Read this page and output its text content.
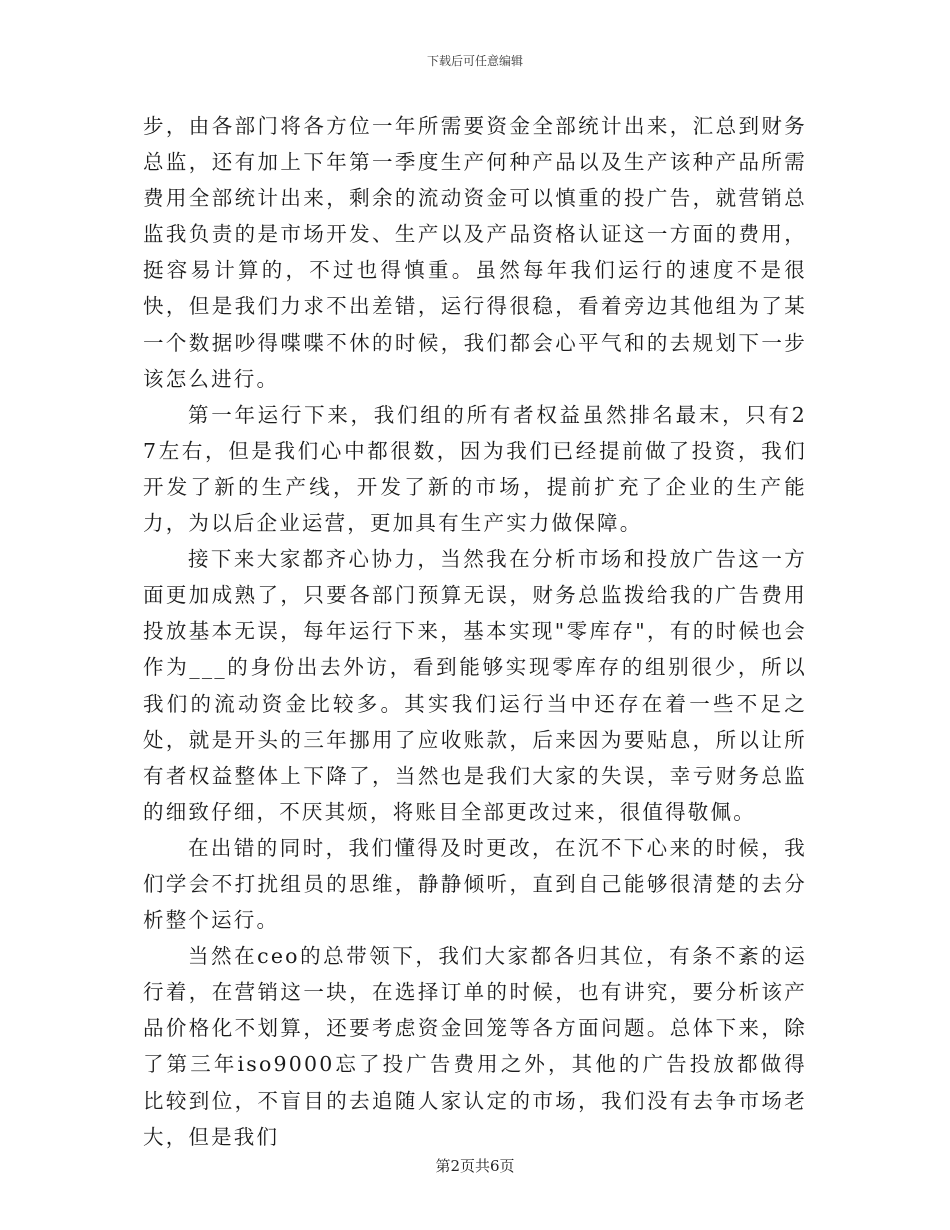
下载后可任意编辑

步，由各部门将各方位一年所需要资金全部统计出来，汇总到财务总监，还有加上下年第一季度生产何种产品以及生产该种产品所需费用全部统计出来，剩余的流动资金可以慎重的投广告，就营销总监我负责的是市场开发、生产以及产品资格认证这一方面的费用，挺容易计算的，不过也得慎重。虽然每年我们运行的速度不是很快，但是我们力求不出差错，运行得很稳，看着旁边其他组为了某一个数据吵得喋喋不休的时候，我们都会心平气和的去规划下一步该怎么进行。

第一年运行下来，我们组的所有者权益虽然排名最末，只有27左右，但是我们心中都很数，因为我们已经提前做了投资，我们开发了新的生产线，开发了新的市场，提前扩充了企业的生产能力，为以后企业运营，更加具有生产实力做保障。

接下来大家都齐心协力，当然我在分析市场和投放广告这一方面更加成熟了，只要各部门预算无误，财务总监拨给我的广告费用投放基本无误，每年运行下来，基本实现"零库存"，有的时候也会作为___的身份出去外访，看到能够实现零库存的组别很少，所以我们的流动资金比较多。其实我们运行当中还存在着一些不足之处，就是开头的三年挪用了应收账款，后来因为要贴息，所以让所有者权益整体上下降了，当然也是我们大家的失误，幸亏财务总监的细致仔细，不厌其烦，将账目全部更改过来，很值得敬佩。

在出错的同时，我们懂得及时更改，在沉不下心来的时候，我们学会不打扰组员的思维，静静倾听，直到自己能够很清楚的去分析整个运行。

当然在ceo的总带领下，我们大家都各归其位，有条不紊的运行着，在营销这一块，在选择订单的时候，也有讲究，要分析该产品价格化不划算，还要考虑资金回笼等各方面问题。总体下来，除了第三年iso9000忘了投广告费用之外，其他的广告投放都做得比较到位，不盲目的去追随人家认定的市场，我们没有去争市场老大，但是我们

第2页共6页
